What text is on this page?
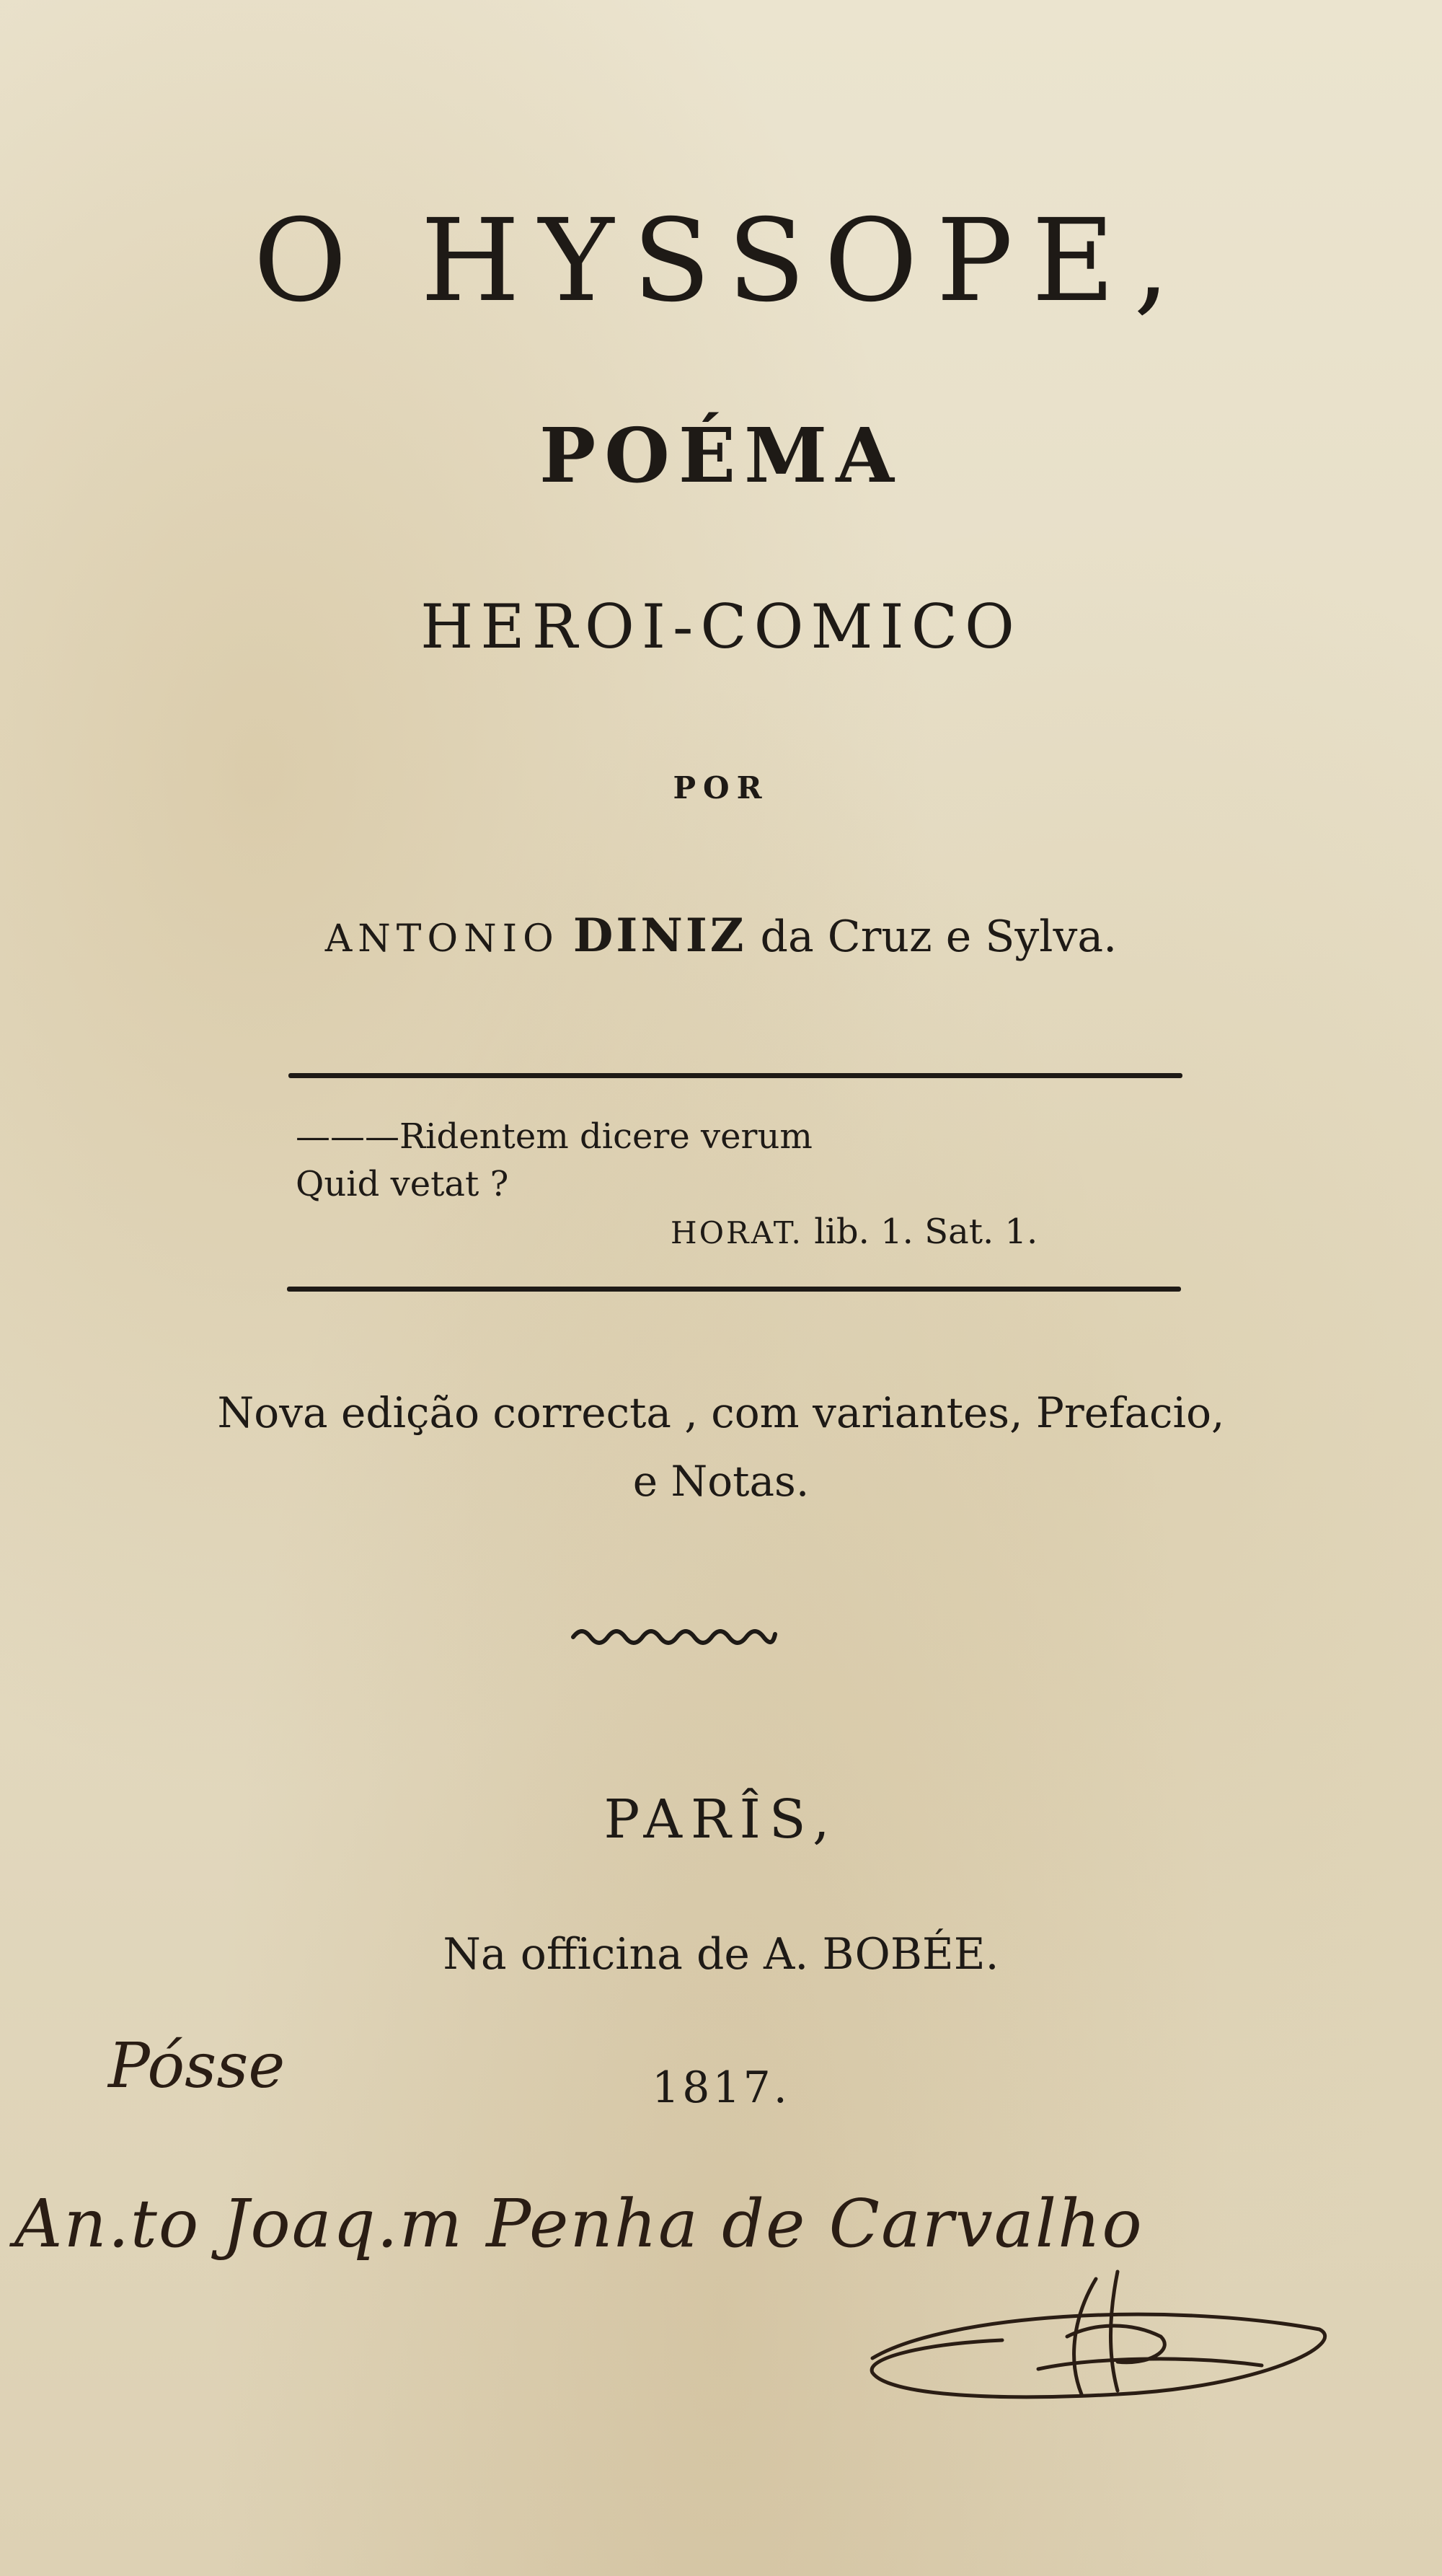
O HYSSOPE,
POÉMA
HEROI-COMICO
POR
ANTONIO DINIZ da Cruz e Sylva.
———Ridentem dicere verum
Quid vetat ?
HORAT. lib. 1. Sat. 1.
Nova edição correcta , com variantes, Prefacio,
e Notas.
PARÎS,
Na officina de A. BOBÉE.
1817.
Pósse
An.to Joaq.m Penha de Carvalho
